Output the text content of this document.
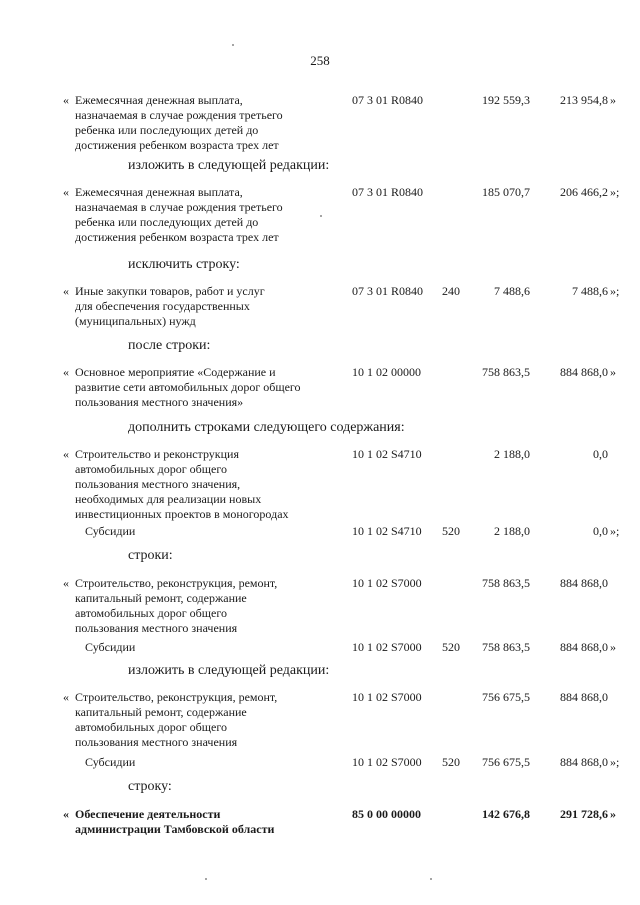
258
« Ежемесячная денежная выплата,
назначаемая в случае рождения третьего
ребенка или последующих детей до
достижения ребенком возраста трех лет
07 3 01 R0840	192 559,3	213 954,8 »
изложить в следующей редакции:
« Ежемесячная денежная выплата,
назначаемая в случае рождения третьего
ребенка или последующих детей до
достижения ребенком возраста трех лет
07 3 01 R0840	185 070,7	206 466,2 »;
исключить строку:
« Иные закупки товаров, работ и услуг
для обеспечения государственных
(муниципальных) нужд
07 3 01 R0840 240	7 488,6	7 488,6 »;
после строки:
« Основное мероприятие «Содержание и
развитие сети автомобильных дорог общего
пользования местного значения»
10 1 02 00000	758 863,5	884 868,0 »
дополнить строками следующего содержания:
« Строительство и реконструкция
автомобильных дорог общего
пользования местного значения,
необходимых для реализации новых
инвестиционных проектов в моногородах
10 1 02 S4710	2 188,0	0,0
Субсидии	10 1 02 S4710 520	2 188,0	0,0 »;
строки:
« Строительство, реконструкция, ремонт,
капитальный ремонт, содержание
автомобильных дорог общего
пользования местного значения
10 1 02 S7000	758 863,5	884 868,0
Субсидии	10 1 02 S7000 520	758 863,5	884 868,0 »
изложить в следующей редакции:
« Строительство, реконструкция, ремонт,
капитальный ремонт, содержание
автомобильных дорог общего
пользования местного значения
10 1 02 S7000	756 675,5	884 868,0
Субсидии	10 1 02 S7000 520	756 675,5	884 868,0 »;
строку:
« Обеспечение деятельности
администрации Тамбовской области
85 0 00 00000	142 676,8	291 728,6 »
